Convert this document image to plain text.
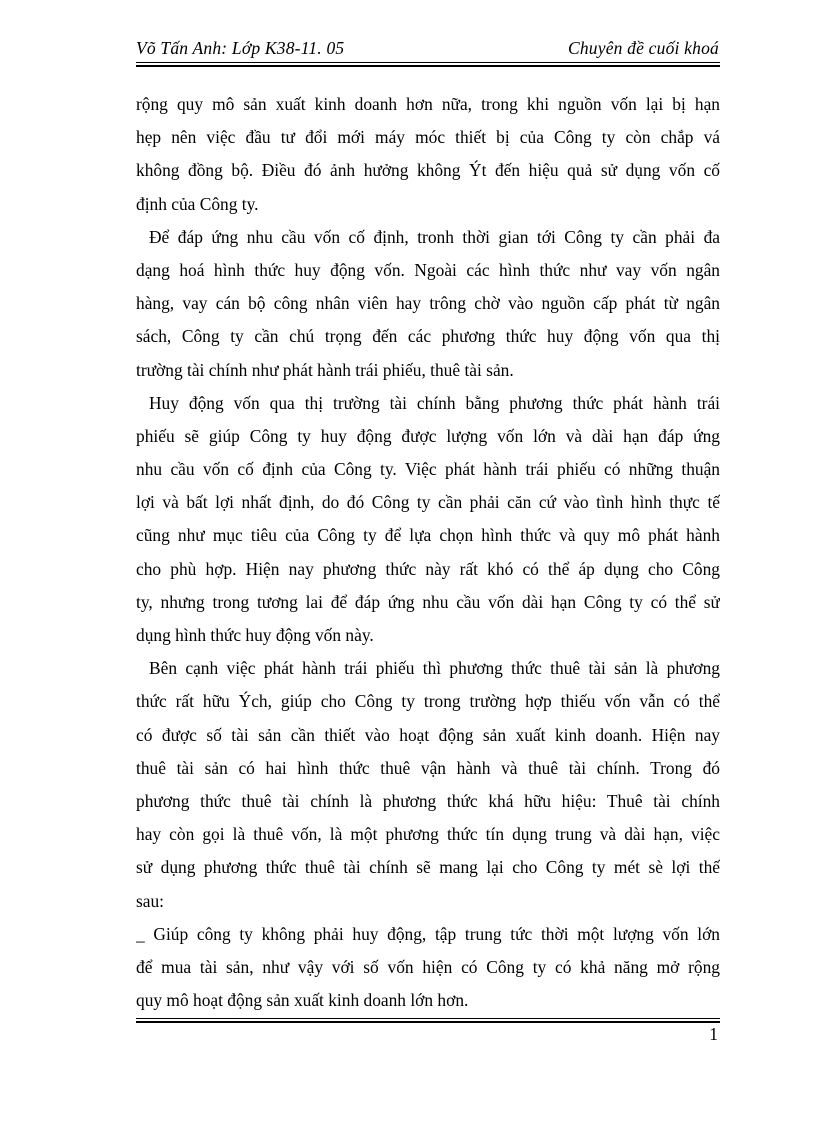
Võ Tấn Anh: Lớp K38-11. 05	Chuyên đề cuối khoá
rộng quy mô sản xuất kinh doanh hơn nữa, trong khi nguồn vốn lại bị hạn
hẹp nên việc đầu tư đổi mới máy móc thiết bị của Công ty còn chắp vá
không đồng bộ. Điều đó ảnh hưởng không Ýt đến hiệu quả sử dụng vốn cố
định của Công ty.
Để đáp ứng nhu cầu vốn cố định, tronh thời gian tới Công ty cần phải đa
dạng hoá hình thức huy động vốn. Ngoài các hình thức như vay vốn ngân
hàng, vay cán bộ công nhân viên hay trông chờ vào nguồn cấp phát từ ngân
sách, Công ty cần chú trọng đến các phương thức huy động vốn qua thị
trường tài chính như phát hành trái phiếu, thuê tài sản.
Huy động vốn qua thị trường tài chính bằng phương thức phát hành trái
phiếu sẽ giúp Công ty huy động được lượng vốn lớn và dài hạn đáp ứng
nhu cầu vốn cố định của Công ty. Việc phát hành trái phiếu có những thuận
lợi và bất lợi nhất định, do đó Công ty cần phải căn cứ vào tình hình thực tế
cũng như mục tiêu của Công ty để lựa chọn hình thức và quy mô phát hành
cho phù hợp. Hiện nay phương thức này rất khó có thể áp dụng cho Công
ty, nhưng trong tương lai để đáp ứng nhu cầu vốn dài hạn Công ty có thể sử
dụng hình thức huy động vốn này.
Bên cạnh việc phát hành trái phiếu thì phương thức thuê tài sản là phương
thức rất hữu Ých, giúp cho Công ty trong trường hợp thiếu vốn vẫn có thể
có được số tài sản cần thiết vào hoạt động sản xuất kinh doanh. Hiện nay
thuê tài sản có hai hình thức thuê vận hành và thuê tài chính. Trong đó
phương thức thuê tài chính là phương thức khá hữu hiệu: Thuê tài chính
hay còn gọi là thuê vốn, là một phương thức tín dụng trung và dài hạn, việc
sử dụng phương thức thuê tài chính sẽ mang lại cho Công ty mét sè lợi thế
sau:
_ Giúp công ty không phải huy động, tập trung tức thời một lượng vốn lớn
để mua tài sản, như vậy với số vốn hiện có Công ty có khả năng mở rộng
quy mô hoạt động sản xuất kinh doanh lớn hơn.
1
